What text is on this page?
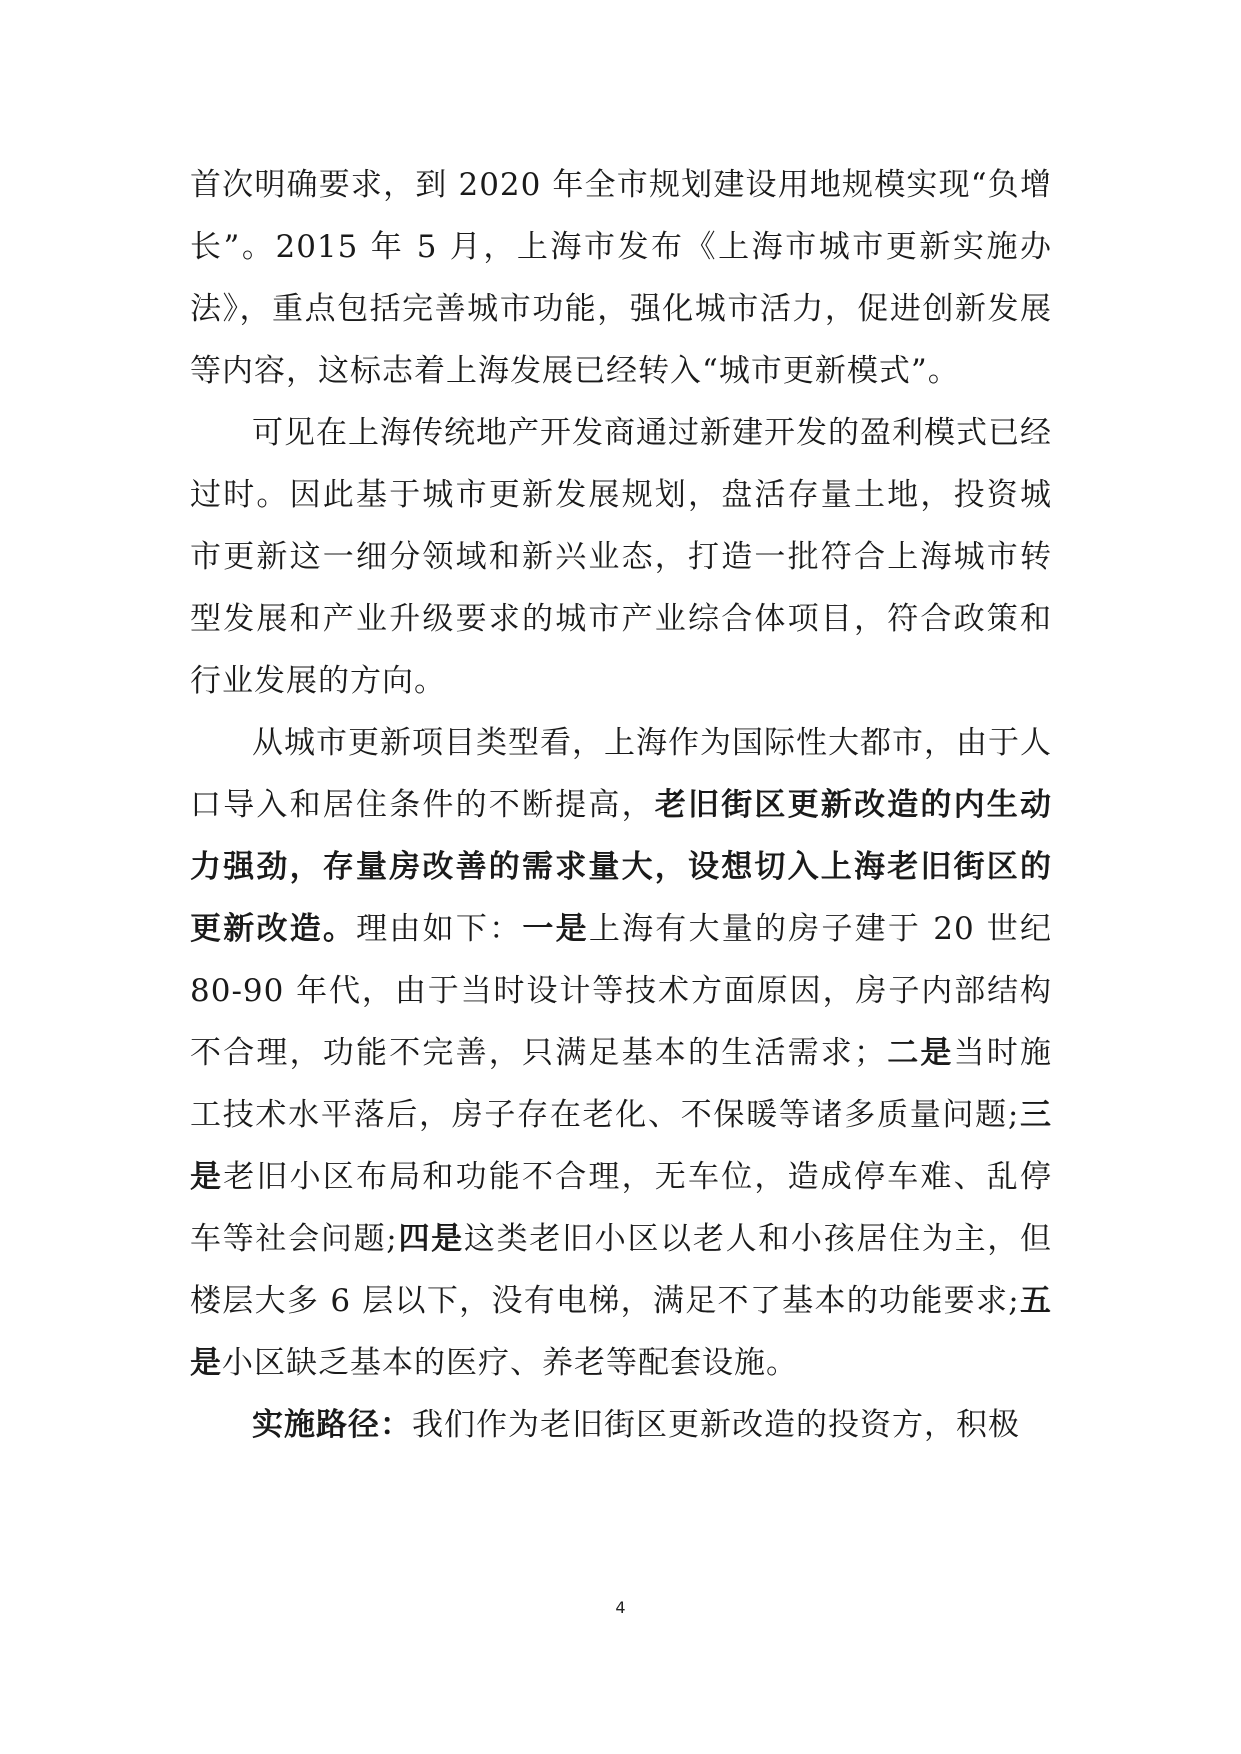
首次明确要求，到 2020 年全市规划建设用地规模实现“负增长”。2015 年 5 月，上海市发布《上海市城市更新实施办法》，重点包括完善城市功能，强化城市活力，促进创新发展等内容，这标志着上海发展已经转入“城市更新模式”。

可见在上海传统地产开发商通过新建开发的盈利模式已经过时。因此基于城市更新发展规划，盘活存量土地，投资城市更新这一细分领域和新兴业态，打造一批符合上海城市转型发展和产业升级要求的城市产业综合体项目，符合政策和行业发展的方向。

从城市更新项目类型看，上海作为国际性大都市，由于人口导入和居住条件的不断提高，老旧街区更新改造的内生动力强劲，存量房改善的需求量大，设想切入上海老旧街区的更新改造。理由如下：一是上海有大量的房子建于 20 世纪 80-90 年代，由于当时设计等技术方面原因，房子内部结构不合理，功能不完善，只满足基本的生活需求；二是当时施工技术水平落后，房子存在老化、不保暖等诸多质量问题;三是老旧小区布局和功能不合理，无车位，造成停车难、乱停车等社会问题;四是这类老旧小区以老人和小孩居住为主，但楼层大多 6 层以下，没有电梯，满足不了基本的功能要求;五是小区缺乏基本的医疗、养老等配套设施。

实施路径：我们作为老旧街区更新改造的投资方，积极

4
